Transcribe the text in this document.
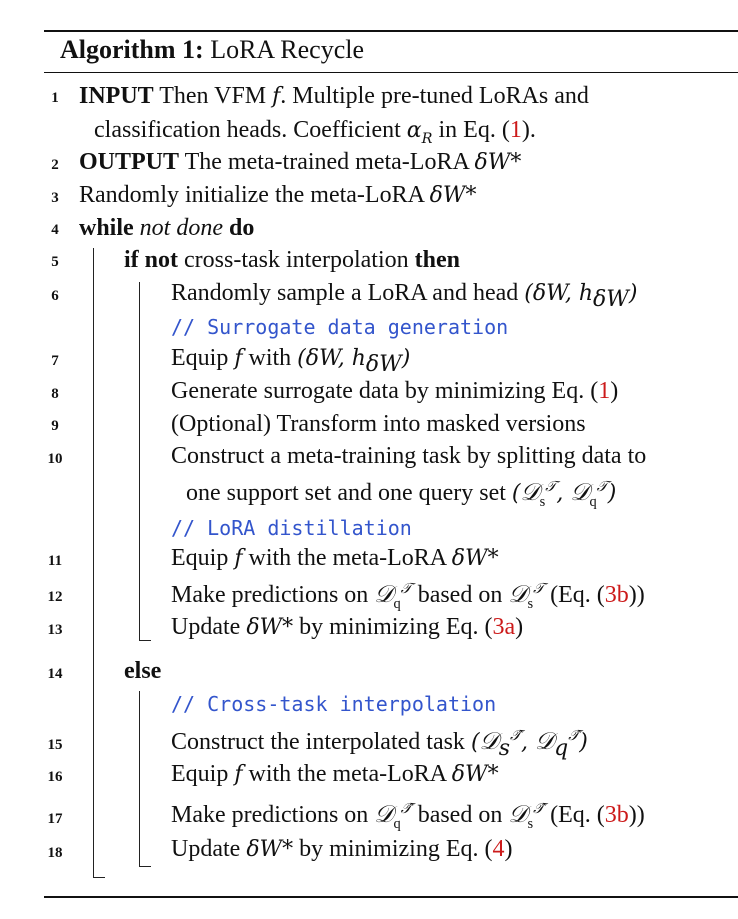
Algorithm 1: LoRA Recycle
1 INPUT Then VFM f. Multiple pre-tuned LoRAs and
classification heads. Coefficient $\alpha_R$ in Eq. (1).
2 OUTPUT The meta-trained meta-LoRA δW*
3 Randomly initialize the meta-LoRA δW*
4 while not done do
5	if not cross-task interpolation then
6	Randomly sample a LoRA and head (δW, $h_{\delta W}$)
// Surrogate data generation
7	Equip f with (δW, $h_{\delta W}$)
8	Generate surrogate data by minimizing Eq. (1)
9	(Optional) Transform into masked versions
10	Construct a meta-training task by splitting data to
one support set and one query set (𝒟$_s^𝒯$, 𝒟$_q^𝒯$)
// LoRA distillation
11	Equip f with the meta-LoRA δW*
12	Make predictions on 𝒟$_q^𝒯$ based on 𝒟$_s^𝒯$ (Eq. (3b))
13	Update δW* by minimizing Eq. (3a)
14	else
// Cross-task interpolation
15	Construct the interpolated task (𝒟$_s^{𝒯̂}$, 𝒟$_q^{𝒯̂}$)
16	Equip f with the meta-LoRA δW*
17	Make predictions on 𝒟$_q^{𝒯̂}$ based on 𝒟$_s^{𝒯̂}$ (Eq. (3b))
18	Update δW* by minimizing Eq. (4)
